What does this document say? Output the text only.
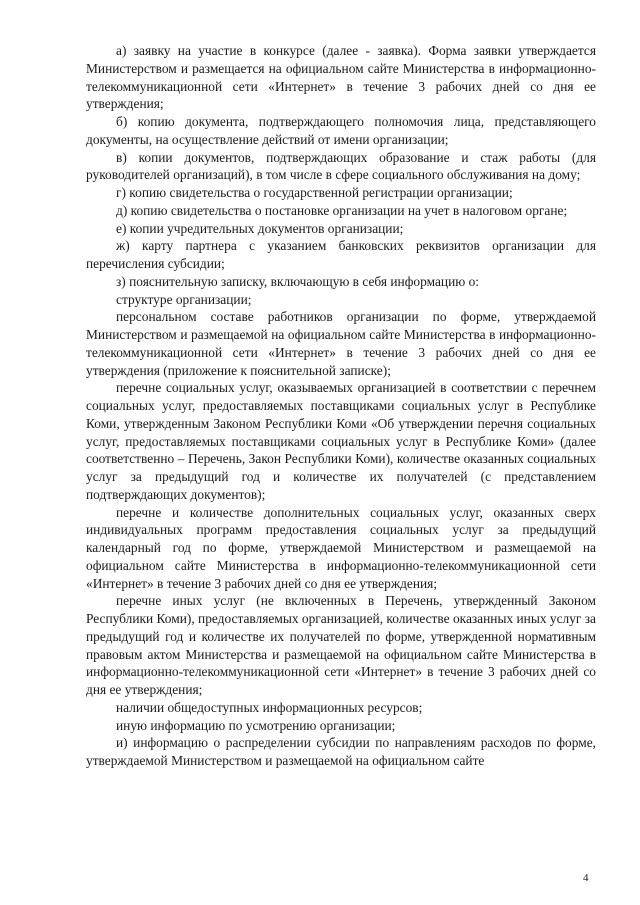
а) заявку на участие в конкурсе (далее - заявка). Форма заявки утверждается Министерством и размещается на официальном сайте Министерства в информационно-телекоммуникационной сети «Интернет» в течение 3 рабочих дней со дня ее утверждения;

б) копию документа, подтверждающего полномочия лица, представляющего документы, на осуществление действий от имени организации;

в) копии документов, подтверждающих образование и стаж работы (для руководителей организаций), в том числе в сфере социального обслуживания на дому;

г) копию свидетельства о государственной регистрации организации;

д) копию свидетельства о постановке организации на учет в налоговом органе;

е) копии учредительных документов организации;

ж) карту партнера с указанием банковских реквизитов организации для перечисления субсидии;

з) пояснительную записку, включающую в себя информацию о:

структуре организации;

персональном составе работников организации по форме, утверждаемой Министерством и размещаемой на официальном сайте Министерства в информационно-телекоммуникационной сети «Интернет» в течение 3 рабочих дней со дня ее утверждения (приложение к пояснительной записке);

перечне социальных услуг, оказываемых организацией в соответствии с перечнем социальных услуг, предоставляемых поставщиками социальных услуг в Республике Коми, утвержденным Законом Республики Коми «Об утверждении перечня социальных услуг, предоставляемых поставщиками социальных услуг в Республике Коми» (далее соответственно – Перечень, Закон Республики Коми), количестве оказанных социальных услуг за предыдущий год и количестве их получателей (с представлением подтверждающих документов);

перечне и количестве дополнительных социальных услуг, оказанных сверх индивидуальных программ предоставления социальных услуг за предыдущий календарный год по форме, утверждаемой Министерством и размещаемой на официальном сайте Министерства в информационно-телекоммуникационной сети «Интернет» в течение 3 рабочих дней со дня ее утверждения;

перечне иных услуг (не включенных в Перечень, утвержденный Законом Республики Коми), предоставляемых организацией, количестве оказанных иных услуг за предыдущий год и количестве их получателей по форме, утвержденной нормативным правовым актом Министерства и размещаемой на официальном сайте Министерства в информационно-телекоммуникационной сети «Интернет» в течение 3 рабочих дней со дня ее утверждения;

наличии общедоступных информационных ресурсов;

иную информацию по усмотрению организации;

и) информацию о распределении субсидии по направлениям расходов по форме, утверждаемой Министерством и размещаемой на официальном сайте

4
